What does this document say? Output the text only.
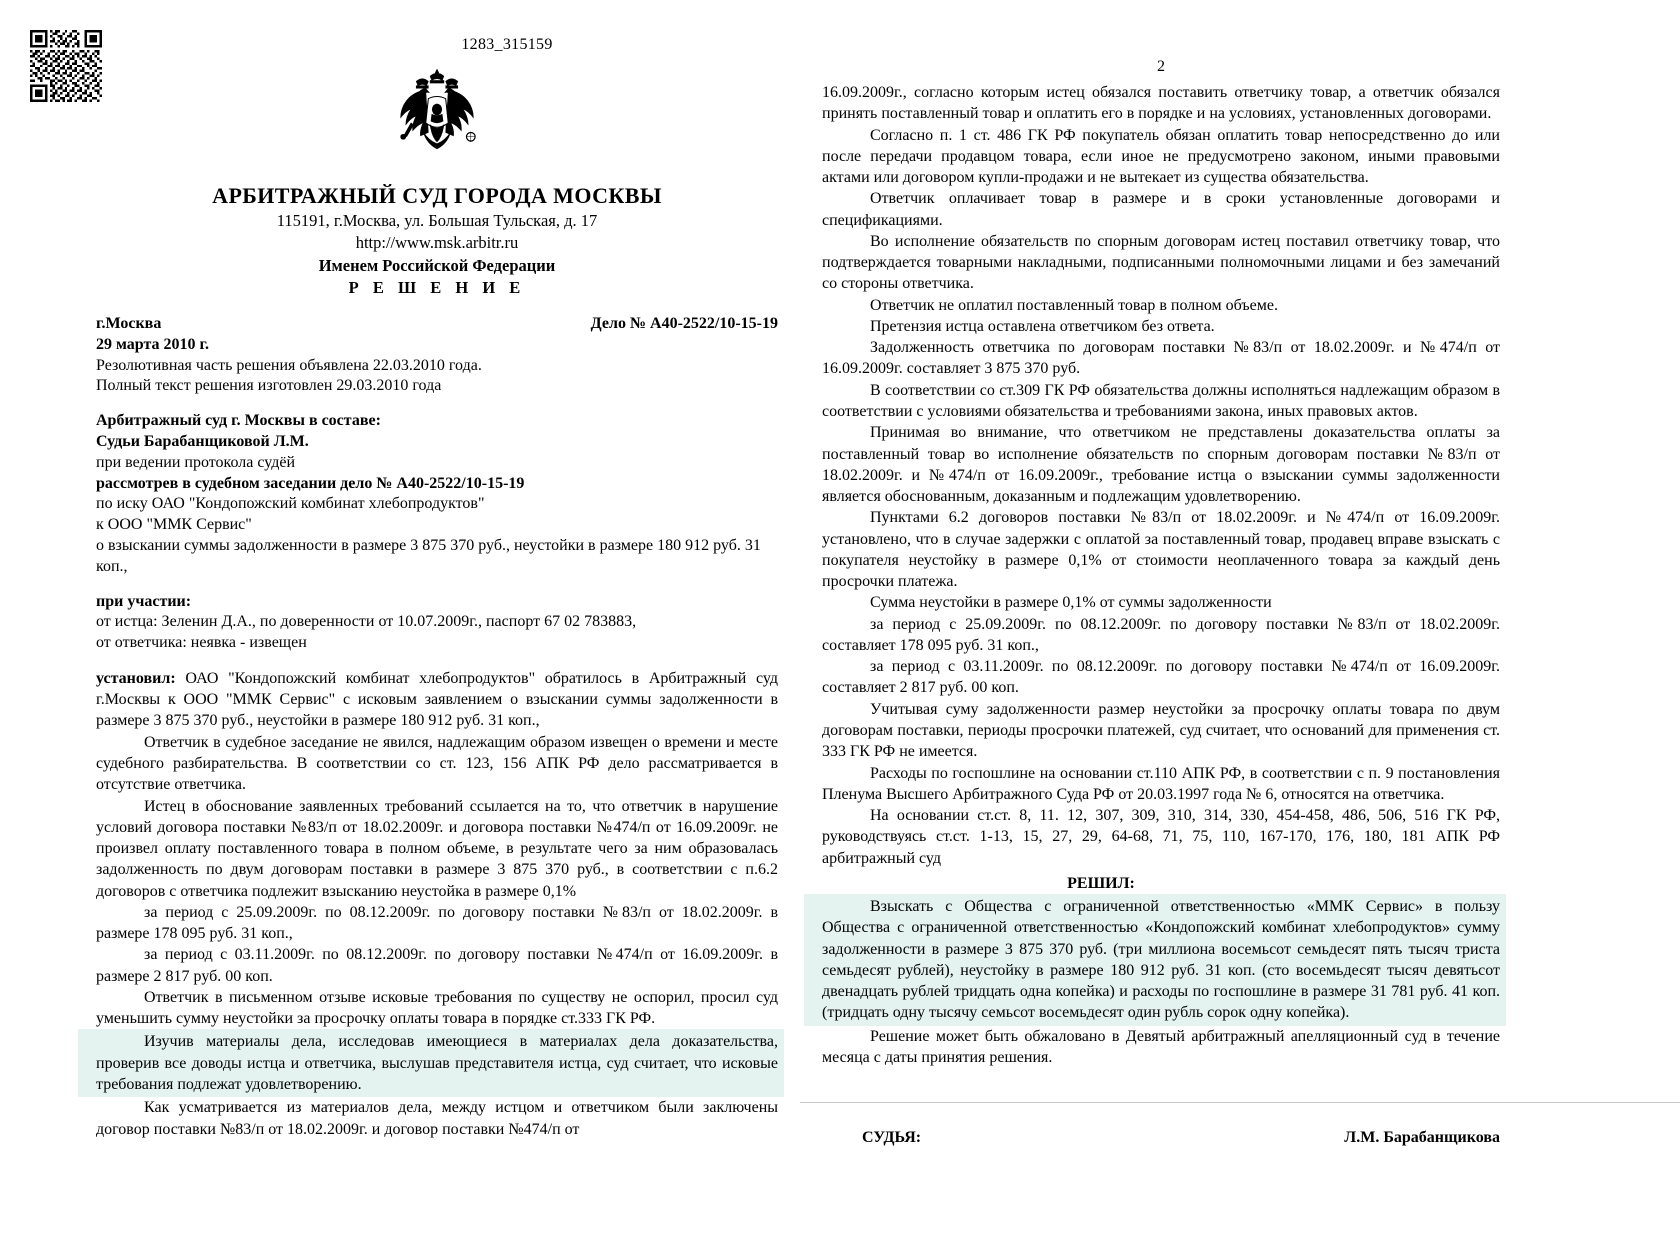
1283_315159
АРБИТРАЖНЫЙ СУД ГОРОДА МОСКВЫ
115191, г.Москва, ул. Большая Тульская, д. 17
http://www.msk.arbitr.ru
Именем Российской Федерации
Р Е Ш Е Н И Е
г.Москва	Дело № А40-2522/10-15-19
29 марта 2010 г.
Резолютивная часть решения объявлена 22.03.2010 года.
Полный текст решения изготовлен 29.03.2010 года
Арбитражный суд г. Москвы в составе:
Судьи Барабанщиковой Л.М.
при ведении протокола судёй
рассмотрев в судебном заседании дело № А40-2522/10-15-19
по иску ОАО "Кондопожский комбинат хлебопродуктов"
к ООО "ММК Сервис"
о взыскании суммы задолженности в размере 3 875 370 руб., неустойки в размере 180 912 руб. 31 коп.,
при участии:
от истца: Зеленин Д.А., по доверенности от 10.07.2009г., паспорт 67 02 783883,
от ответчика: неявка - извещен

установил: ОАО "Кондопожский комбинат хлебопродуктов" обратилось в Арбитражный суд г.Москвы к ООО "ММК Сервис" с исковым заявлением о взыскании суммы задолженности в размере 3 875 370 руб., неустойки в размере 180 912 руб. 31 коп.,

Ответчик в судебное заседание не явился, надлежащим образом извещен о времени и месте судебного разбирательства. В соответствии со ст. 123, 156 АПК РФ дело рассматривается в отсутствие ответчика.

Истец в обоснование заявленных требований ссылается на то, что ответчик в нарушение условий договора поставки №83/п от 18.02.2009г. и договора поставки №474/п от 16.09.2009г. не произвел оплату поставленного товара в полном объеме, в результате чего за ним образовалась задолженность по двум договорам поставки в размере 3 875 370 руб., в соответствии с п.6.2 договоров с ответчика подлежит взысканию неустойка в размере 0,1%

за период с 25.09.2009г. по 08.12.2009г. по договору поставки №83/п от 18.02.2009г. в размере 178 095 руб. 31 коп.,

за период с 03.11.2009г. по 08.12.2009г. по договору поставки №474/п от 16.09.2009г. в размере 2 817 руб. 00 коп.

Ответчик в письменном отзыве исковые требования по существу не оспорил, просил суд уменьшить сумму неустойки за просрочку оплаты товара в порядке ст.333 ГК РФ.

Изучив материалы дела, исследовав имеющиеся в материалах дела доказательства, проверив все доводы истца и ответчика, выслушав представителя истца, суд считает, что исковые требования подлежат удовлетворению.

Как усматривается из материалов дела, между истцом и ответчиком были заключены договор поставки №83/п от 18.02.2009г. и договор поставки №474/п от

2

16.09.2009г., согласно которым истец обязался поставить ответчику товар, а ответчик обязался принять поставленный товар и оплатить его в порядке и на условиях, установленных договорами.

Согласно п. 1 ст. 486 ГК РФ покупатель обязан оплатить товар непосредственно до или после передачи продавцом товара, если иное не предусмотрено законом, иными правовыми актами или договором купли-продажи и не вытекает из существа обязательства.

Ответчик оплачивает товар в размере и в сроки установленные договорами и спецификациями.

Во исполнение обязательств по спорным договорам истец поставил ответчику товар, что подтверждается товарными накладными, подписанными полномочными лицами и без замечаний со стороны ответчика.

Ответчик не оплатил поставленный товар в полном объеме.

Претензия истца оставлена ответчиком без ответа.

Задолженность ответчика по договорам поставки №83/п от 18.02.2009г. и №474/п от 16.09.2009г. составляет 3 875 370 руб.

В соответствии со ст.309 ГК РФ обязательства должны исполняться надлежащим образом в соответствии с условиями обязательства и требованиями закона, иных правовых актов.

Принимая во внимание, что ответчиком не представлены доказательства оплаты за поставленный товар во исполнение обязательств по спорным договорам поставки №83/п от 18.02.2009г. и №474/п от 16.09.2009г., требование истца о взыскании суммы задолженности является обоснованным, доказанным и подлежащим удовлетворению.

Пунктами 6.2 договоров поставки №83/п от 18.02.2009г. и №474/п от 16.09.2009г. установлено, что в случае задержки с оплатой за поставленный товар, продавец вправе взыскать с покупателя неустойку в размере 0,1% от стоимости неоплаченного товара за каждый день просрочки платежа.

Сумма неустойки в размере 0,1% от суммы задолженности

за период с 25.09.2009г. по 08.12.2009г. по договору поставки №83/п от 18.02.2009г. составляет 178 095 руб. 31 коп.,

за период с 03.11.2009г. по 08.12.2009г. по договору поставки №474/п от 16.09.2009г. составляет 2 817 руб. 00 коп.

Учитывая суму задолженности размер неустойки за просрочку оплаты товара по двум договорам поставки, периоды просрочки платежей, суд считает, что оснований для применения ст. 333 ГК РФ не имеется.

Расходы по госпошлине на основании ст.110 АПК РФ, в соответствии с п. 9 постановления Пленума Высшего Арбитражного Суда РФ от 20.03.1997 года № 6, относятся на ответчика.

На основании ст.ст. 8, 11. 12, 307, 309, 310, 314, 330, 454-458, 486, 506, 516 ГК РФ, руководствуясь ст.ст. 1-13, 15, 27, 29, 64-68, 71, 75, 110, 167-170, 176, 180, 181 АПК РФ арбитражный суд

РЕШИЛ:

Взыскать с Общества с ограниченной ответственностью «ММК Сервис» в пользу Общества с ограниченной ответственностью «Кондопожский комбинат хлебопродуктов» сумму задолженности в размере 3 875 370 руб. (три миллиона восемьсот семьдесят пять тысяч триста семьдесят рублей), неустойку в размере 180 912 руб. 31 коп. (сто восемьдесят тысяч девятьсот двенадцать рублей тридцать одна копейка) и расходы по госпошлине в размере 31 781 руб. 41 коп. (тридцать одну тысячу семьсот восемьдесят один рубль сорок одну копейка).

Решение может быть обжаловано в Девятый арбитражный апелляционный суд в течение месяца с даты принятия решения.

СУДЬЯ:	Л.М. Барабанщикова
